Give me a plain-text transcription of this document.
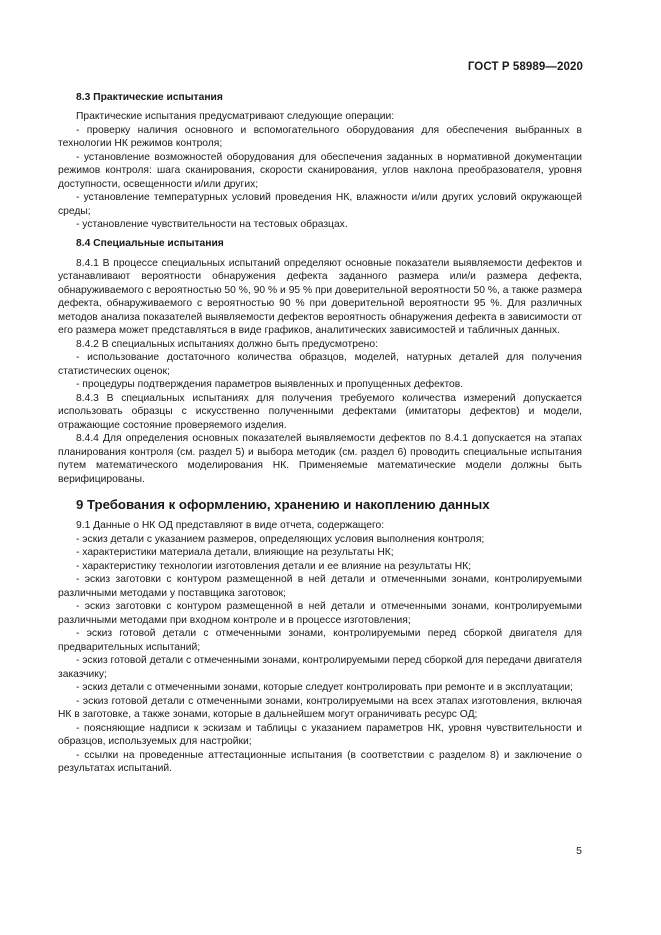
ГОСТ Р 58989—2020
8.3 Практические испытания

Практические испытания предусматривают следующие операции:

- проверку наличия основного и вспомогательного оборудования для обеспечения выбранных в технологии НК режимов контроля;

- установление возможностей оборудования для обеспечения заданных в нормативной документации режимов контроля: шага сканирования, скорости сканирования, углов наклона преобразователя, уровня доступности, освещенности и/или других;

- установление температурных условий проведения НК, влажности и/или других условий окружающей среды;

- установление чувствительности на тестовых образцах.

8.4 Специальные испытания

8.4.1 В процессе специальных испытаний определяют основные показатели выявляемости дефектов и устанавливают вероятности обнаружения дефекта заданного размера или/и размера дефекта, обнаруживаемого с вероятностью 50 %, 90 % и 95 % при доверительной вероятности 50 %, а также размера дефекта, обнаруживаемого с вероятностью 90 % при доверительной вероятности 95 %. Для различных методов анализа показателей выявляемости дефектов вероятность обнаружения дефекта в зависимости от его размера может представляться в виде графиков, аналитических зависимостей и табличных данных.

8.4.2 В специальных испытаниях должно быть предусмотрено:

- использование достаточного количества образцов, моделей, натурных деталей для получения статистических оценок;

- процедуры подтверждения параметров выявленных и пропущенных дефектов.

8.4.3 В специальных испытаниях для получения требуемого количества измерений допускается использовать образцы с искусственно полученными дефектами (имитаторы дефектов) и модели, отражающие состояние проверяемого изделия.

8.4.4 Для определения основных показателей выявляемости дефектов по 8.4.1 допускается на этапах планирования контроля (см. раздел 5) и выбора методик (см. раздел 6) проводить специальные испытания путем математического моделирования НК. Применяемые математические модели должны быть верифицированы.

9 Требования к оформлению, хранению и накоплению данных

9.1 Данные о НК ОД представляют в виде отчета, содержащего:

- эскиз детали с указанием размеров, определяющих условия выполнения контроля;

- характеристики материала детали, влияющие на результаты НК;

- характеристику технологии изготовления детали и ее влияние на результаты НК;

- эскиз заготовки с контуром размещенной в ней детали и отмеченными зонами, контролируемыми различными методами у поставщика заготовок;

- эскиз заготовки с контуром размещенной в ней детали и отмеченными зонами, контролируемыми различными методами при входном контроле и в процессе изготовления;

- эскиз готовой детали с отмеченными зонами, контролируемыми перед сборкой двигателя для предварительных испытаний;

- эскиз готовой детали с отмеченными зонами, контролируемыми перед сборкой для передачи двигателя заказчику;

- эскиз детали с отмеченными зонами, которые следует контролировать при ремонте и в эксплуатации;

- эскиз готовой детали с отмеченными зонами, контролируемыми на всех этапах изготовления, включая НК в заготовке, а также зонами, которые в дальнейшем могут ограничивать ресурс ОД;

- поясняющие надписи к эскизам и таблицы с указанием параметров НК, уровня чувствительности и образцов, используемых для настройки;

- ссылки на проведенные аттестационные испытания (в соответствии с разделом 8) и заключение о результатах испытаний.

5
